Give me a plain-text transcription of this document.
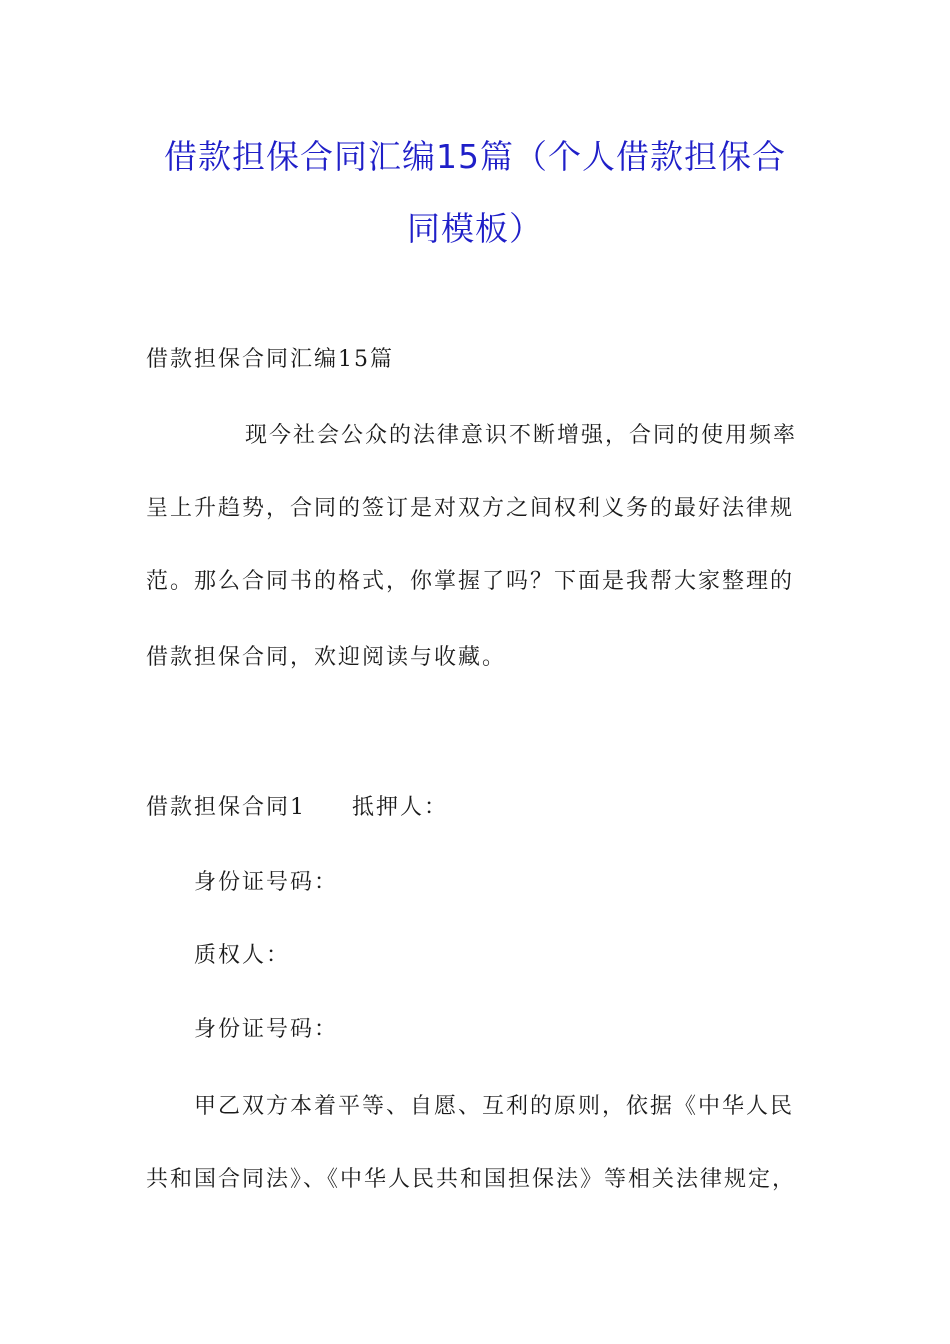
借款担保合同汇编15篇（个人借款担保合
同模板）
借款担保合同汇编15篇
现今社会公众的法律意识不断增强，合同的使用频率
呈上升趋势，合同的签订是对双方之间权利义务的最好法律规
范。那么合同书的格式，你掌握了吗？下面是我帮大家整理的
借款担保合同，欢迎阅读与收藏。
借款担保合同1 抵押人：
身份证号码：
质权人：
身份证号码：
甲乙双方本着平等、自愿、互利的原则，依据《中华人民
共和国合同法》、《中华人民共和国担保法》等相关法律规定，
